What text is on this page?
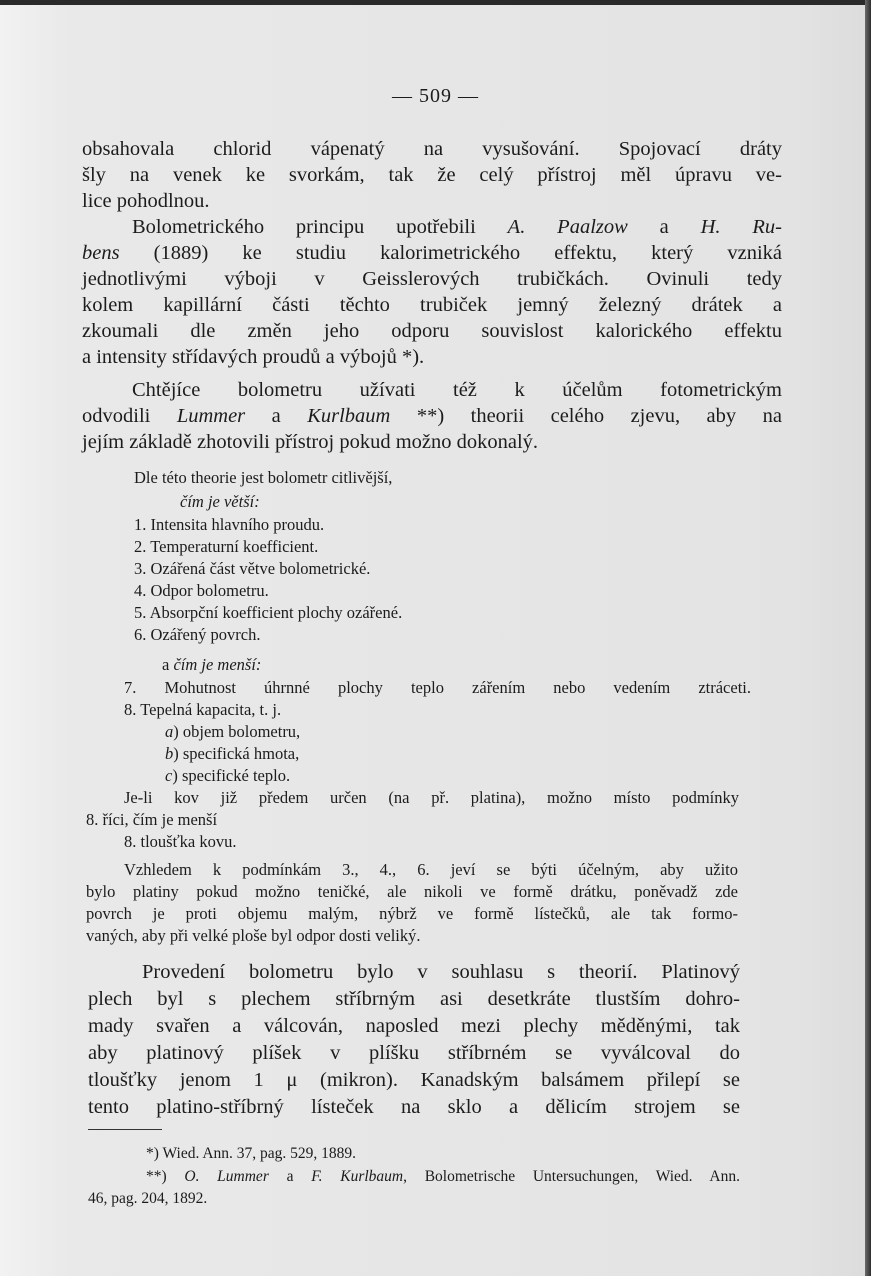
— 509 —
obsahovala chlorid vápenatý na vysušování. Spojovací dráty
šly na venek ke svorkám, tak že celý přístroj měl úpravu ve-
lice pohodlnou.
Bolometrického principu upotřebili A. Paalzow a H. Ru-
bens (1889) ke studiu kalorimetrického effektu, který vzniká
jednotlivými výboji v Geisslerových trubičkách. Ovinuli tedy
kolem kapillární části těchto trubiček jemný železný drátek a
zkoumali dle změn jeho odporu souvislost kalorického effektu
a intensity střídavých proudů a výbojů *).
Chtějíce bolometru užívati též k účelům fotometrickým
odvodili Lummer a Kurlbaum **) theorii celého zjevu, aby na
jejím základě zhotovili přístroj pokud možno dokonalý.
Dle této theorie jest bolometr citlivější,
čím je větší:
1. Intensita hlavního proudu.
2. Temperaturní koefficient.
3. Ozářená část větve bolometrické.
4. Odpor bolometru.
5. Absorpční koefficient plochy ozářené.
6. Ozářený povrch.
a čím je menší:
7. Mohutnost úhrnné plochy teplo zářením nebo vedením ztráceti.
8. Tepelná kapacita, t. j.
a) objem bolometru,
b) specifická hmota,
c) specifické teplo.
Je-li kov již předem určen (na př. platina), možno místo podmínky
8. říci, čím je menší
8. tloušťka kovu.
Vzhledem k podmínkám 3., 4., 6. jeví se býti účelným, aby užito
bylo platiny pokud možno teničké, ale nikoli ve formě drátku, poněvadž zde
povrch je proti objemu malým, nýbrž ve formě lístečků, ale tak formo-
vaných, aby při velké ploše byl odpor dosti veliký.
Provedení bolometru bylo v souhlasu s theorií. Platinový
plech byl s plechem stříbrným asi desetkráte tlustším dohro-
mady svařen a válcován, naposled mezi plechy měděnými, tak
aby platinový plíšek v plíšku stříbrném se vyválcoval do
tloušťky jenom 1 μ (mikron). Kanadským balsámem přilepí se
tento platino-stříbrný lísteček na sklo a dělicím strojem se
*) Wied. Ann. 37, pag. 529, 1889.
**) O. Lummer a F. Kurlbaum, Bolometrische Untersuchungen, Wied. Ann.
46, pag. 204, 1892.
